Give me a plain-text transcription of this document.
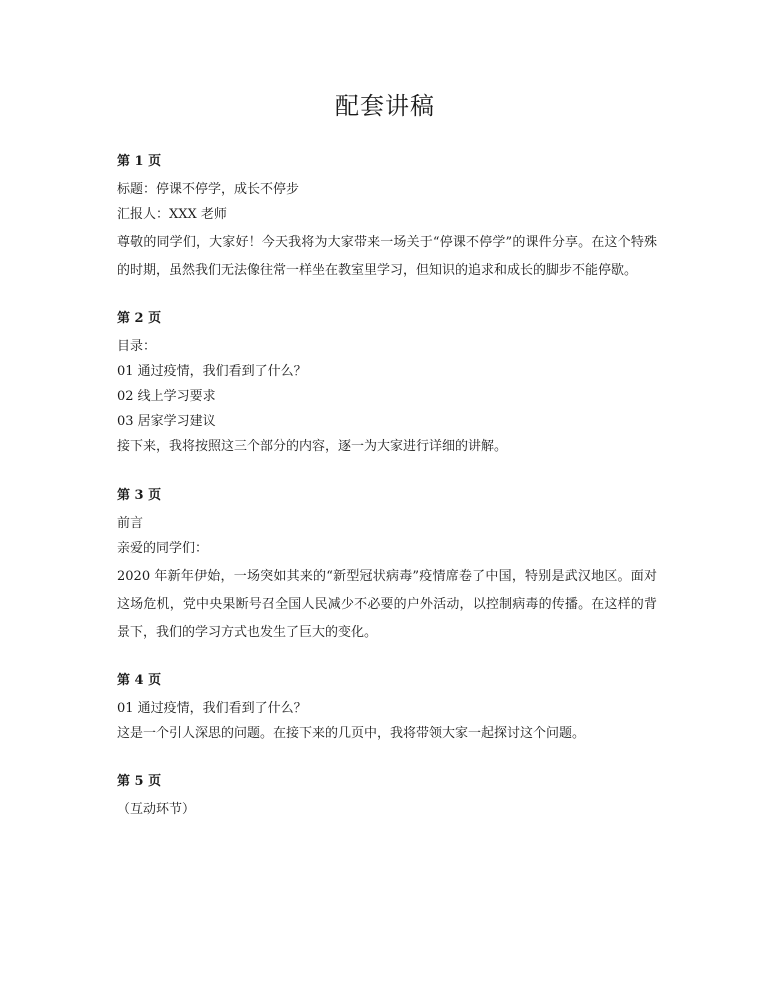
配套讲稿
第 1 页
标题：停课不停学，成长不停步
汇报人：XXX 老师
尊敬的同学们，大家好！今天我将为大家带来一场关于“停课不停学”的课件分享。在这个特殊的时期，虽然我们无法像往常一样坐在教室里学习，但知识的追求和成长的脚步不能停歇。
第 2 页
目录：
01 通过疫情，我们看到了什么？
02 线上学习要求
03 居家学习建议
接下来，我将按照这三个部分的内容，逐一为大家进行详细的讲解。
第 3 页
前言
亲爱的同学们：
2020 年新年伊始，一场突如其来的“新型冠状病毒”疫情席卷了中国，特别是武汉地区。面对这场危机，党中央果断号召全国人民减少不必要的户外活动，以控制病毒的传播。在这样的背景下，我们的学习方式也发生了巨大的变化。
第 4 页
01 通过疫情，我们看到了什么？
这是一个引人深思的问题。在接下来的几页中，我将带领大家一起探讨这个问题。
第 5 页
（互动环节）
